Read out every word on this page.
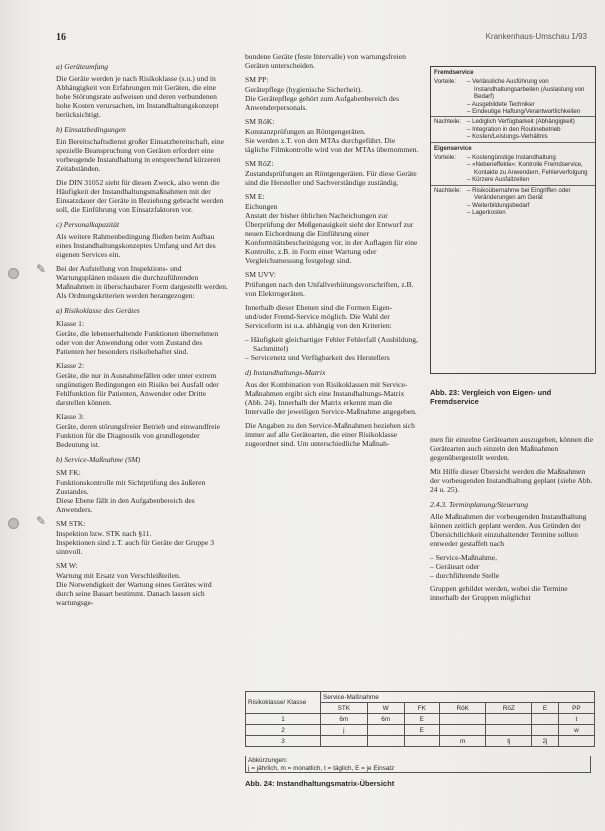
✎
✎
16	Krankenhaus-Umschau 1/93
a) Geräteumfang

Die Geräte werden je nach Risikoklasse (s.u.) und in Abhängigkeit von Erfahrungen mit Geräten, die eine hohe Störungsrate aufweisen und deren verbundenen hohe Kosten verursachen, im Instandhaltungskonzept berücksichtigt.

b) Einsatzbedingungen

Ein Bereitschaftsdienst großer Einsatzbereitschaft, eine spezielle Beanspruchung von Geräten erfordert eine vorbeugende Instandhaltung in entsprechend kürzeren Zeitabständen.

Die DIN 31052 sieht für diesen Zweck, also wenn die Häufigkeit der Instandhaltungsmaßnahmen mit der Einsatzdauer der Geräte in Beziehung gebracht werden soll, die Einführung von Einsatzfaktoren vor.

c) Personalkapazität

Als weitere Rahmenbedingung fließen beim Aufbau eines Instandhaltungskonzeptes Umfang und Art des eigenen Services ein.

Bei der Aufstellung von Inspektions- und Wartungsplänen müssen die durchzuführenden Maßnahmen in überschaubarer Form dargestellt werden. Als Ordnungskriterien werden herangezogen:

a) Risikoklasse des Gerätes
Klasse 1:

Geräte, die lebenserhaltende Funktionen übernehmen oder von der Anwendung oder vom Zustand des Patienten her besonders risikobehaftet sind.

Klasse 2:

Geräte, die nur in Ausnahmefällen oder unter extrem ungünstigen Bedingungen ein Risiko bei Ausfall oder Fehlfunktion für Patienten, Anwender oder Dritte darstellen können.

Klasse 3:

Geräte, deren störungsfreier Betrieb und einwandfreie Funktion für die Diagnostik von grundlegender Bedeutung ist.

b) Service-Maßnahme (SM)
SM FK:
Funktionskontrolle mit Sichtprüfung des äußeren Zustandes.

Diese Ebene fällt in den Aufgabenbereich des Anwenders.

SM STK:
Inspektion bzw. STK nach §11.

Inspektionen sind z.T. auch für Geräte der Gruppe 3 sinnvoll.

SM W:
Wartung mit Ersatz von Verschleißteilen.

Die Notwendigkeit der Wartung eines Gerätes wird durch seine Bauart bestimmt. Danach lassen sich wartungsge-

bundene Geräte (feste Intervalle) von wartungsfreien Geräten unterscheiden.

SM PP:
Gerätepflege (hygienische Sicherheit).

Die Gerätepflege gehört zum Aufgabenbereich des Anwenderpersonals.

SM RöK:
Konstanzprüfungen an Röntgengeräten.

Sie werden z.T. von den MTAs durchgeführt. Die tägliche Filmkontrolle wird von der MTAs übernommen.

SM RöZ:

Zustandsprüfungen an Röntgengeräten. Für diese Geräte sind die Hersteller und Sachverständige zuständig.

SM E:
Eichungen

Anstatt der bisher üblichen Nacheichungen zur Überprüfung der Meßgenauigkeit sieht der Entwurf zur neuen Eichordnung die Einführung einer Konformitätsbescheinigung vor, in der Auflagen für eine Kontrolle, z.B. in Form einer Wartung oder Vergleichsmessung festgelegt sind.

SM UVV:

Prüfungen nach den Unfallverhütungsvorschriften, z.B. von Elektrogeräten.

Innerhalb dieser Ebenen sind die Formen Eigen- und/oder Fremd-Service möglich. Die Wahl der Serviceform ist u.a. abhängig von den Kriterien:

– Häufigkeit gleichartiger Fehler Fehlerfall (Ausbildung, Sachmittel)
– Servicenetz und Verfügbarkeit des Herstellers
d) Instandhaltungs-Matrix

Aus der Kombination von Risikoklassen mit Service-Maßnahmen ergibt sich eine Instandhaltungs-Matrix (Abb. 24). Innerhalb der Matrix erkennt man die Intervalle der jeweiligen Service-Maßnahme angegeben.

Die Angaben zu den Service-Maßnahmen beziehen sich immer auf alle Gerätearten, die einer Risikoklasse zugeordnet sind. Um unterschiedliche Maßnah-

Fremdservice
Vorteile:	– Verlässliche Ausführung von Instandhaltungsarbeiten (Auslastung von Bedarf)
– Ausgebildete Techniker
– Eindeutige Haftung/Verantwortlichkeiten
Nachteile:	– Lediglich Verfügbarkeit (Abhängigkeit)
– Integration in den Routinebetrieb
– Kosten/Leistungs-Verhältnis
Eigenservice
Vorteile:	– Kostengünstige Instandhaltung
– »Nebeneffekte«: Kontrolle Fremdservice, Kontakte zu Anwendern, Fehlerverfolgung
– Kürzere Ausfallzeiten
Nachteile:	– Risikoübernahme bei Eingriffen oder Veränderungen am Gerät
– Weiterbildungsbedarf
– Lagerkosten
Abb. 23: Vergleich von Eigen- und Fremdservice

men für einzelne Gerätearten auszugeben, können die Gerätearten auch einzeln den Maßnahmen gegenübergestellt werden.

Mit Hilfe dieser Übersicht werden die Maßnahmen der vorbeugenden Instandhaltung geplant (siehe Abb. 24 u. 25).

2.4.3. Terminplanung/Steuerung

Alle Maßnahmen der vorbeugenden Instandhaltung können zeitlich geplant werden. Aus Gründen der Übersichtlichkeit einzuhaltender Termine sollten entweder gestaffelt nach

– Service-Maßnahme,
– Geräteart oder
– durchführende Stelle

Gruppen gebildet werden, wobei die Termine innerhalb der Gruppen möglichst

Risikoklasse/ Klasse	Service-Maßnahme						
	STK	W	FK	RöK	RöZ	E	PP
1	6m	6m	E				t
2	j		E				w
3				m	tj	2j	
Abkürzungen:
j = jährlich, m = monatlich, t = täglich, E = je Einsatz
Abb. 24: Instandhaltungsmatrix-Übersicht
